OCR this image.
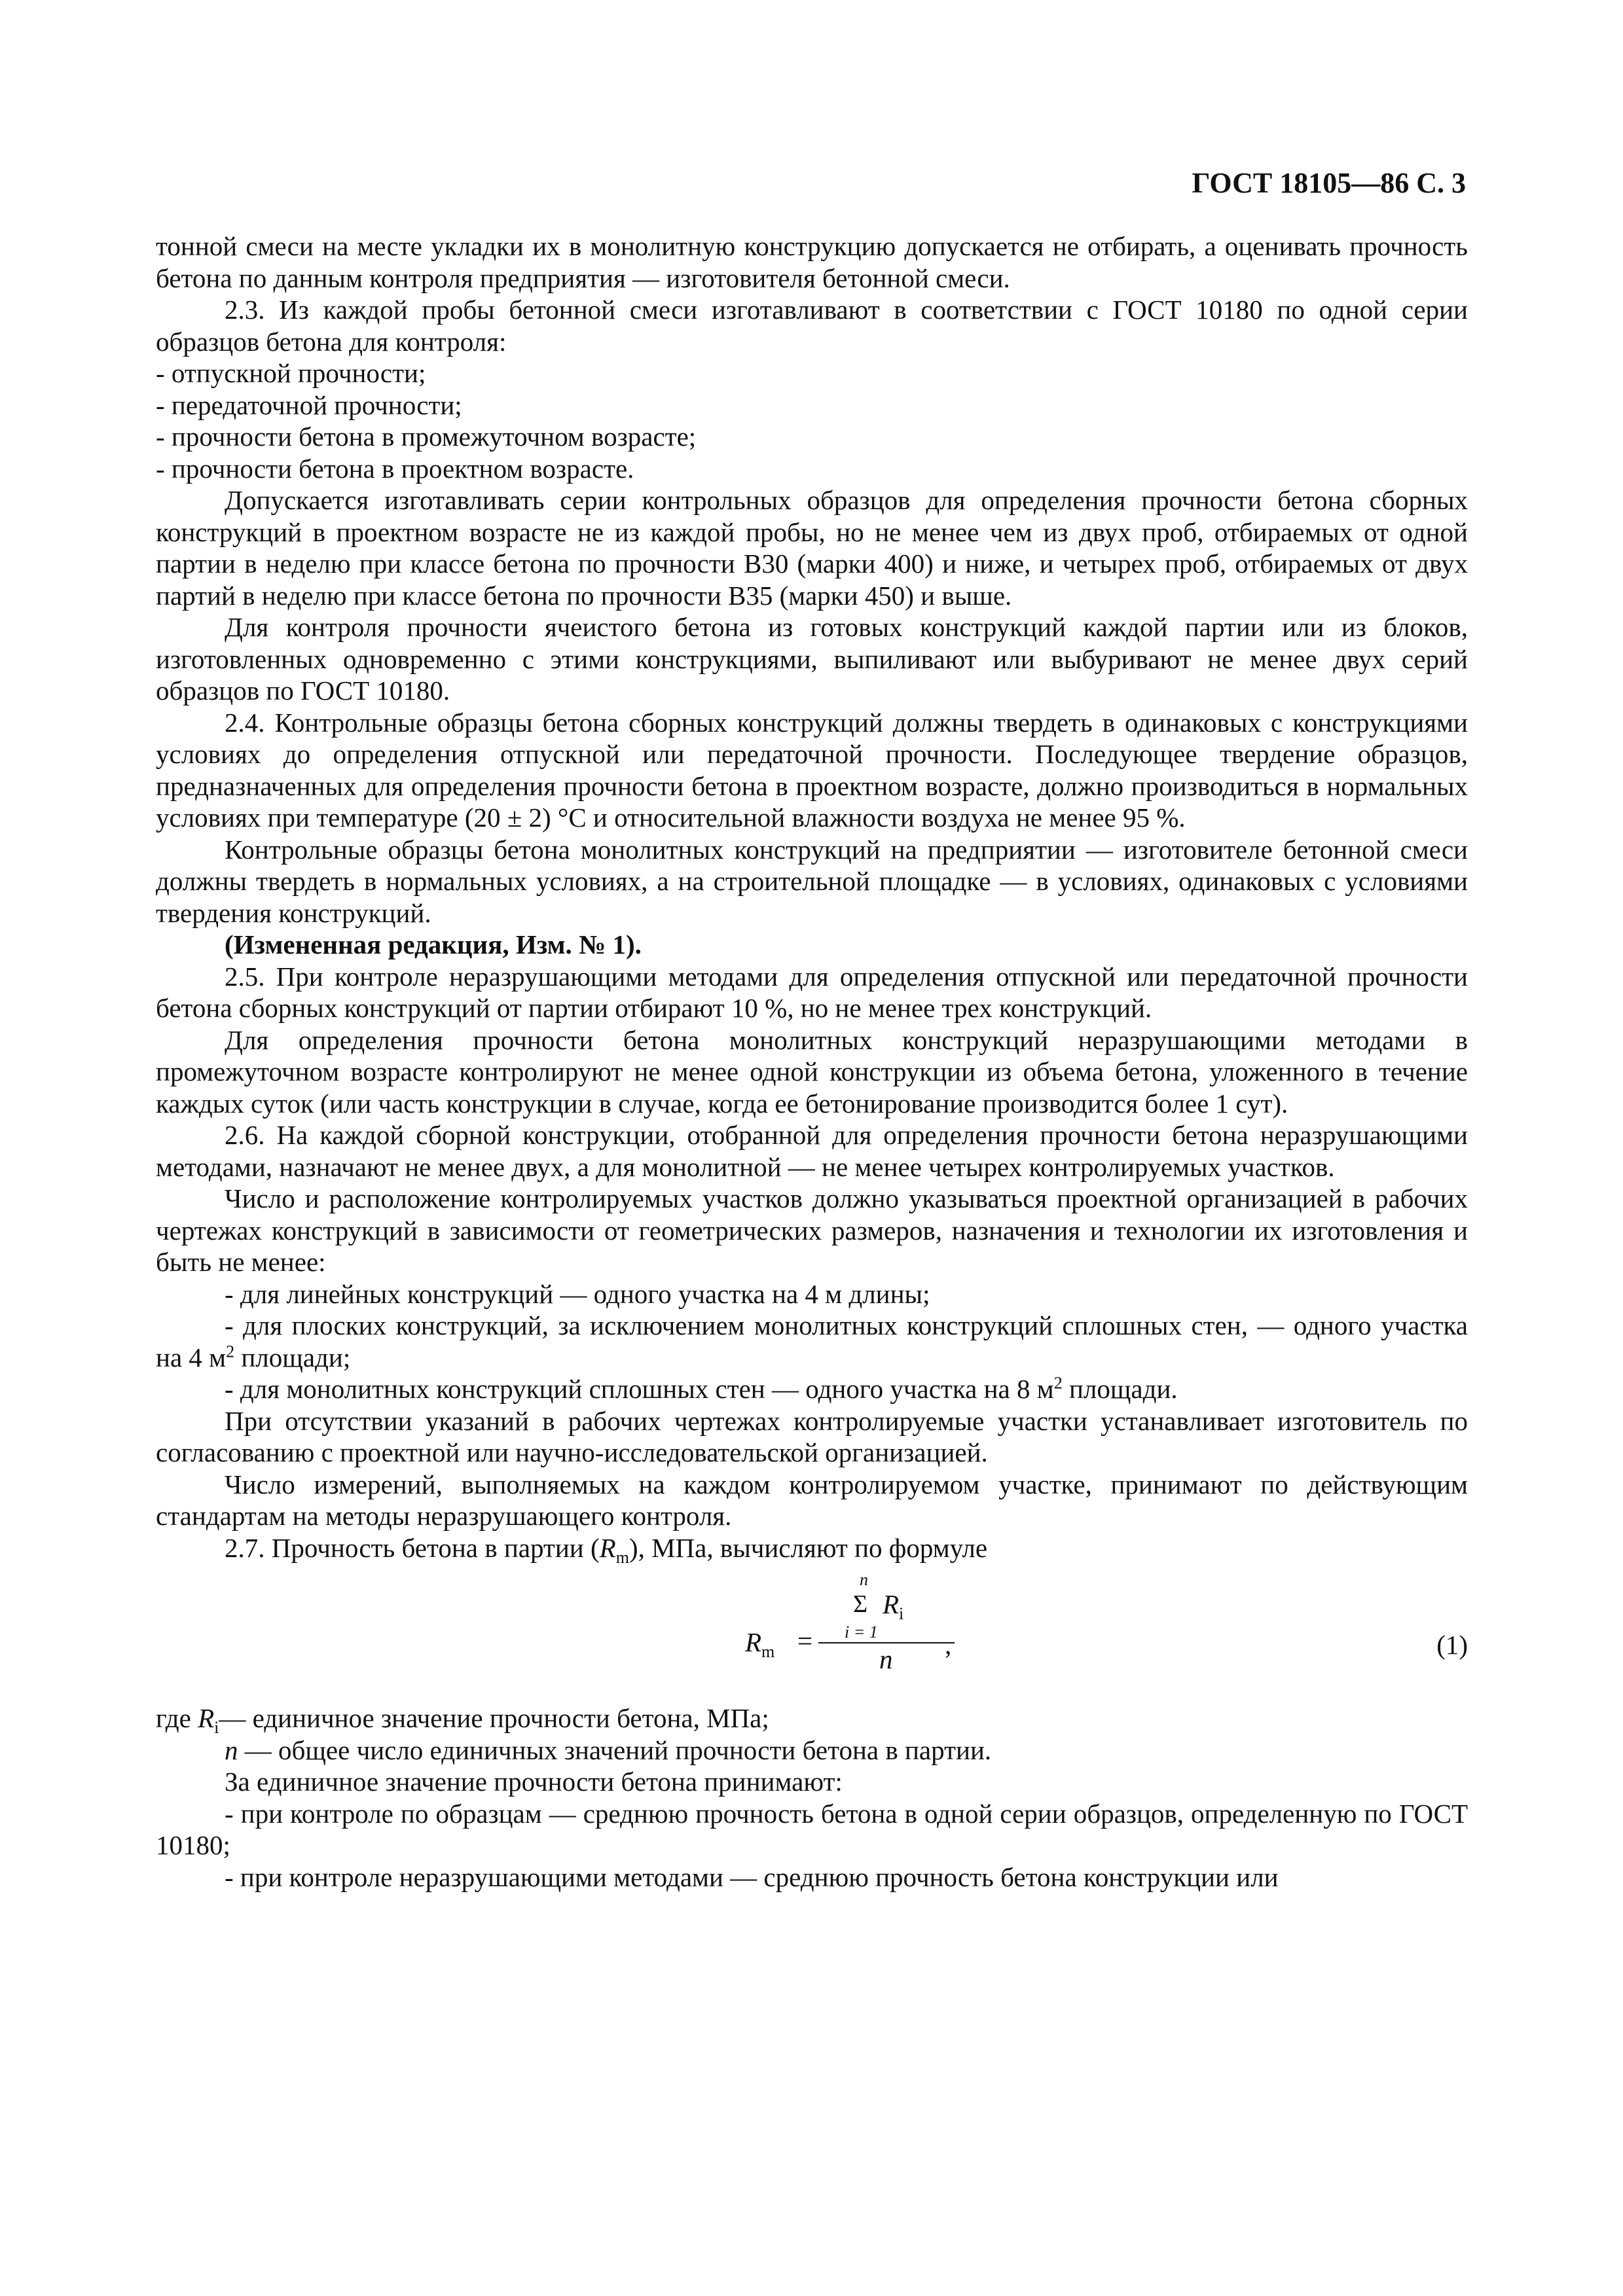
ГОСТ 18105—86 С. 3

тонной смеси на месте укладки их в монолитную конструкцию допускается не отбирать, а оценивать прочность бетона по данным контроля предприятия — изготовителя бетонной смеси.

2.3. Из каждой пробы бетонной смеси изготавливают в соответствии с ГОСТ 10180 по одной серии образцов бетона для контроля:

- отпускной прочности;

- передаточной прочности;

- прочности бетона в промежуточном возрасте;

- прочности бетона в проектном возрасте.

Допускается изготавливать серии контрольных образцов для определения прочности бетона сборных конструкций в проектном возрасте не из каждой пробы, но не менее чем из двух проб, отбираемых от одной партии в неделю при классе бетона по прочности В30 (марки 400) и ниже, и четырех проб, отбираемых от двух партий в неделю при классе бетона по прочности В35 (марки 450) и выше.

Для контроля прочности ячеистого бетона из готовых конструкций каждой партии или из блоков, изготовленных одновременно с этими конструкциями, выпиливают или выбуривают не менее двух серий образцов по ГОСТ 10180.

2.4. Контрольные образцы бетона сборных конструкций должны твердеть в одинаковых с конструкциями условиях до определения отпускной или передаточной прочности. Последующее твердение образцов, предназначенных для определения прочности бетона в проектном возрасте, должно производиться в нормальных условиях при температуре (20 ± 2) °С и относительной влажности воздуха не менее 95 %.

Контрольные образцы бетона монолитных конструкций на предприятии — изготовителе бетонной смеси должны твердеть в нормальных условиях, а на строительной площадке — в условиях, одинаковых с условиями твердения конструкций.

(Измененная редакция, Изм. № 1).

2.5. При контроле неразрушающими методами для определения отпускной или передаточной прочности бетона сборных конструкций от партии отбирают 10 %, но не менее трех конструкций.

Для определения прочности бетона монолитных конструкций неразрушающими методами в промежуточном возрасте контролируют не менее одной конструкции из объема бетона, уложенного в течение каждых суток (или часть конструкции в случае, когда ее бетонирование производится более 1 сут).

2.6. На каждой сборной конструкции, отобранной для определения прочности бетона неразрушающими методами, назначают не менее двух, а для монолитной — не менее четырех контролируемых участков.

Число и расположение контролируемых участков должно указываться проектной организацией в рабочих чертежах конструкций в зависимости от геометрических размеров, назначения и технологии их изготовления и быть не менее:

- для линейных конструкций — одного участка на 4 м длины;

- для плоских конструкций, за исключением монолитных конструкций сплошных стен, — одного участка на 4 $м^2$ площади;

- для монолитных конструкций сплошных стен — одного участка на 8 $м^2$ площади.

При отсутствии указаний в рабочих чертежах контролируемые участки устанавливает изготовитель по согласованию с проектной или научно-исследовательской организацией.

Число измерений, выполняемых на каждом контролируемом участке, принимают по действующим стандартам на методы неразрушающего контроля.

2.7. Прочность бетона в партии $(R_m)$, МПа, вычисляют по формуле

n
Σ $R_i$
$R_m = i = 1$
n ,	(1)

где $R_i—$ единичное значение прочности бетона, МПа;

n — общее число единичных значений прочности бетона в партии.

За единичное значение прочности бетона принимают:

- при контроле по образцам — среднюю прочность бетона в одной серии образцов, определенную по ГОСТ 10180;

- при контроле неразрушающими методами — среднюю прочность бетона конструкции или
